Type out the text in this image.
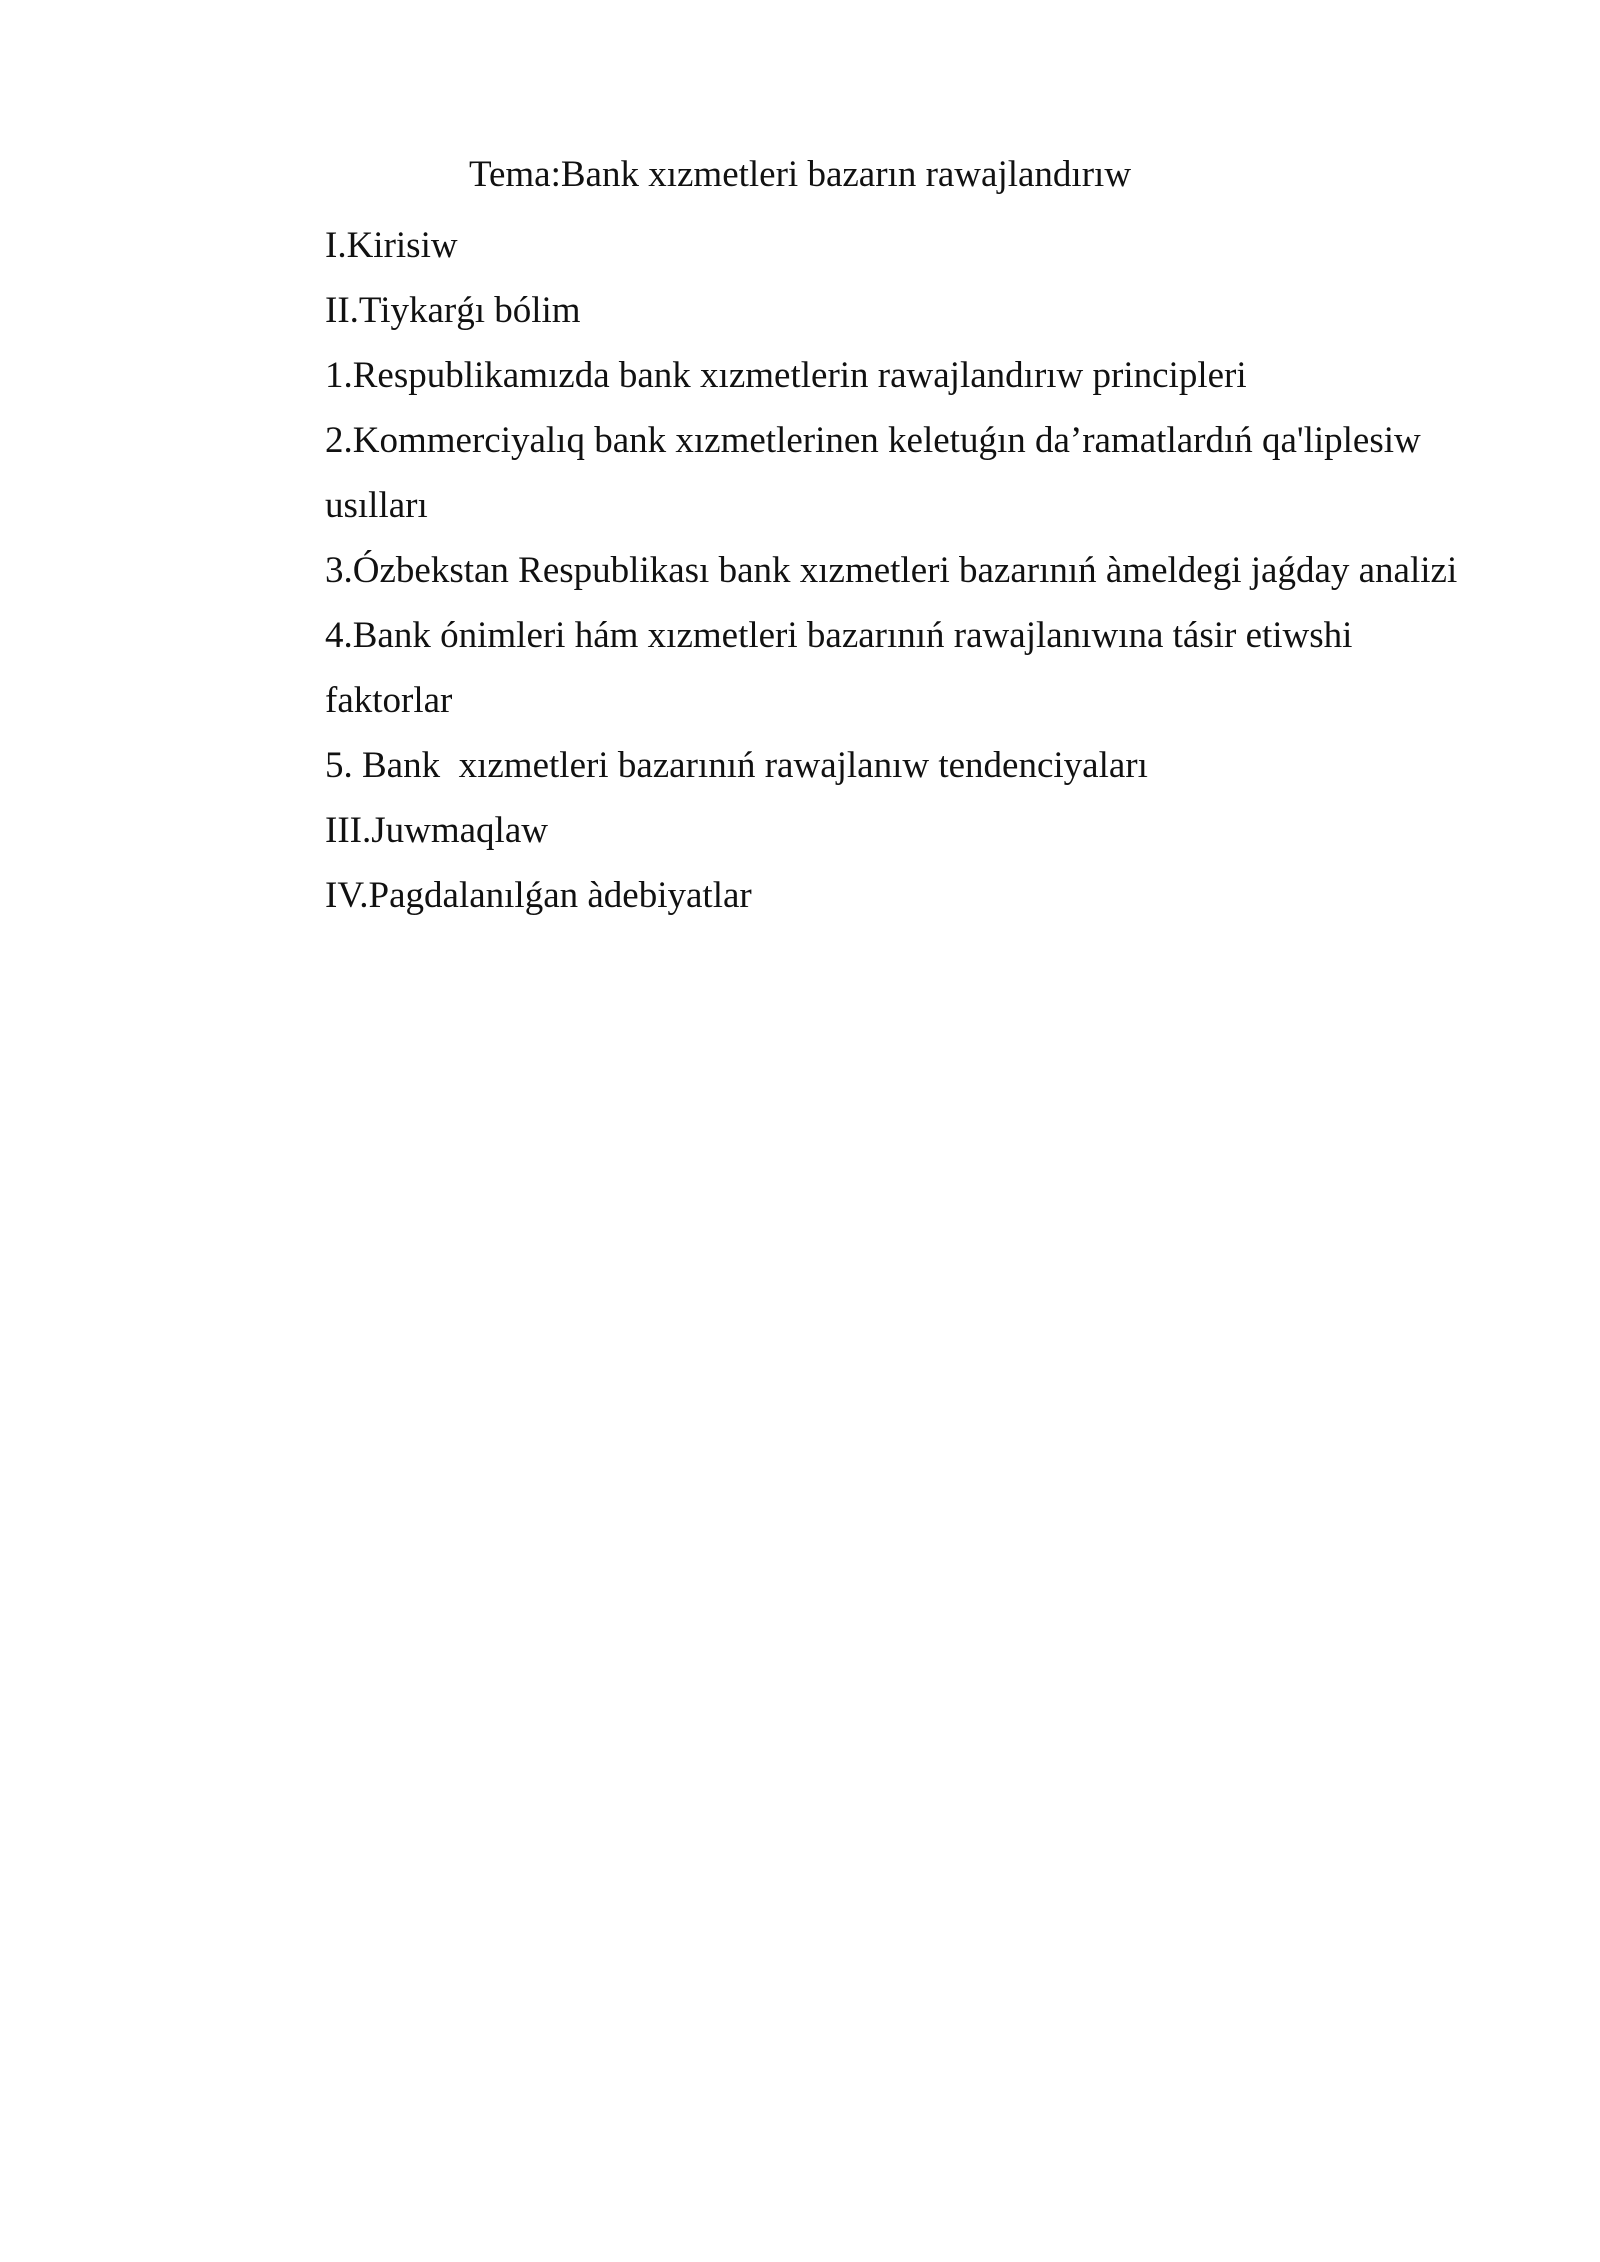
Tema:Bank xızmetleri bazarın rawajlandırıw
I.Kirisiw
II.Tiykarǵı bólim
1.Respublikamızda bank xızmetlerin rawajlandırıw principleri
2.Kommerciyalıq bank xızmetlerinen keletuǵın da’ramatlardıń qa'liplesiw
usılları
3.Ózbekstan Respublikası bank xızmetleri bazarınıń àmeldegi jaǵday analizi
4.Bank ónimleri hám xızmetleri bazarınıń rawajlanıwına tásir etiwshi
faktorlar
5. Bank  xızmetleri bazarınıń rawajlanıw tendenciyaları
III.Juwmaqlaw
IV.Pagdalanılǵan àdebiyatlar
